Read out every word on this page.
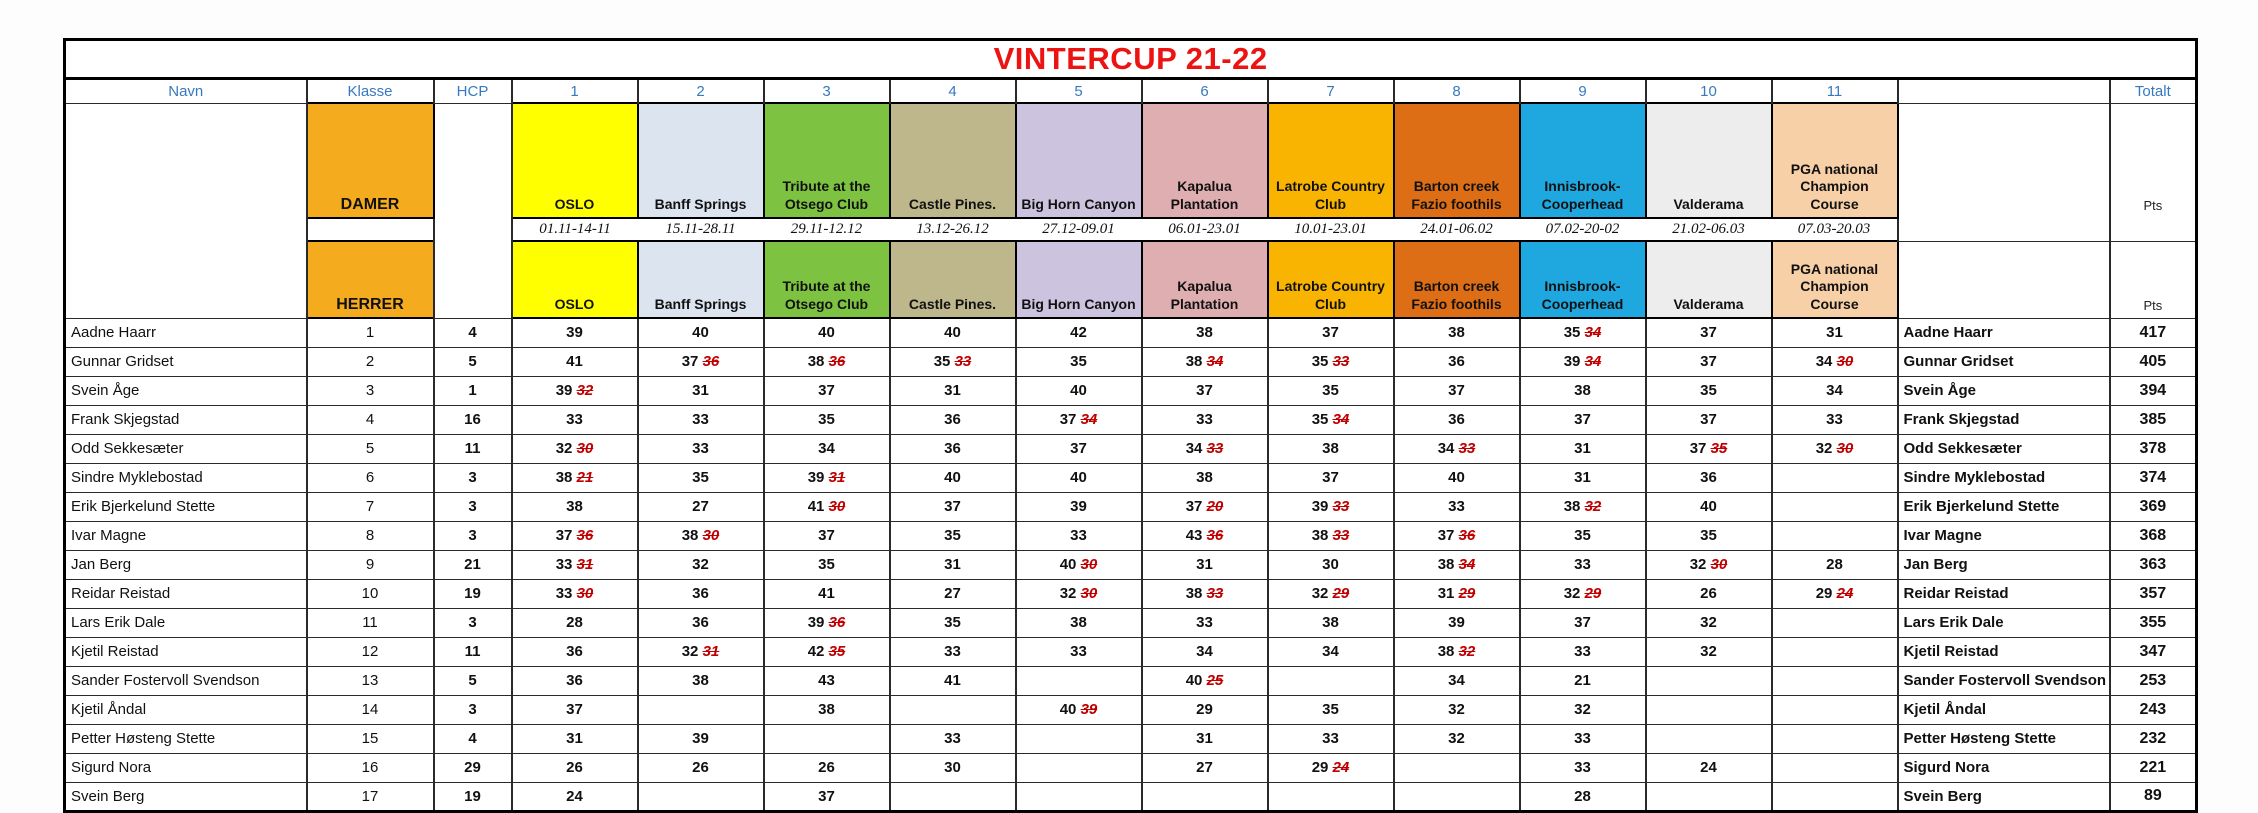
VINTERCUP 21-22															

Navn	Klasse	HCP	1	2	3	4	5	6	7	8	9	10	11		Totalt
	DAMER		OSLO	Banff Springs	Tribute at the Otsego Club	Castle Pines.	Big Horn Canyon	Kapalua Plantation	Latrobe Country Club	Barton creek Fazio foothils	Innisbrook-Cooperhead	Valderama	PGA national Champion Course		Pts
			01.11-14-11	15.11-28.11	29.11-12.12	13.12-26.12	27.12-09.01	06.01-23.01	10.01-23.01	24.01-06.02	07.02-20-02	21.02-06.03	07.03-20.03		
	HERRER		OSLO	Banff Springs	Tribute at the Otsego Club	Castle Pines.	Big Horn Canyon	Kapalua Plantation	Latrobe Country Club	Barton creek Fazio foothils	Innisbrook-Cooperhead	Valderama	PGA national Champion Course		Pts
Aadne Haarr	1	4	39	40	40	40	42	38	37	38	35 34	37	31	Aadne Haarr	417
Gunnar Gridset	2	5	41	37 36	38 36	35 33	35	38 34	35 33	36	39 34	37	34 30	Gunnar Gridset	405
Svein Åge	3	1	39 32	31	37	31	40	37	35	37	38	35	34	Svein Åge	394
Frank Skjegstad	4	16	33	33	35	36	37 34	33	35 34	36	37	37	33	Frank Skjegstad	385
Odd Sekkesæter	5	11	32 30	33	34	36	37	34 33	38	34 33	31	37 35	32 30	Odd Sekkesæter	378
Sindre Myklebostad	6	3	38 21	35	39 31	40	40	38	37	40	31	36		Sindre Myklebostad	374
Erik Bjerkelund Stette	7	3	38	27	41 30	37	39	37 20	39 33	33	38 32	40		Erik Bjerkelund Stette	369
Ivar Magne	8	3	37 36	38 30	37	35	33	43 36	38 33	37 36	35	35		Ivar Magne	368
Jan Berg	9	21	33 31	32	35	31	40 30	31	30	38 34	33	32 30	28	Jan Berg	363
Reidar Reistad	10	19	33 30	36	41	27	32 30	38 33	32 29	31 29	32 29	26	29 24	Reidar Reistad	357
Lars Erik Dale	11	3	28	36	39 36	35	38	33	38	39	37	32		Lars Erik Dale	355
Kjetil Reistad	12	11	36	32 31	42 35	33	33	34	34	38 32	33	32		Kjetil Reistad	347
Sander Fostervoll Svendson	13	5	36	38	43	41		40 25		34	21			Sander Fostervoll Svendson	253
Kjetil Åndal	14	3	37		38		40 39	29	35	32	32			Kjetil Åndal	243
Petter Høsteng Stette	15	4	31	39		33		31	33	32	33			Petter Høsteng Stette	232
Sigurd Nora	16	29	26	26	26	30		27	29 24		33	24		Sigurd Nora	221
Svein Berg	17	19	24		37						28			Svein Berg	89
